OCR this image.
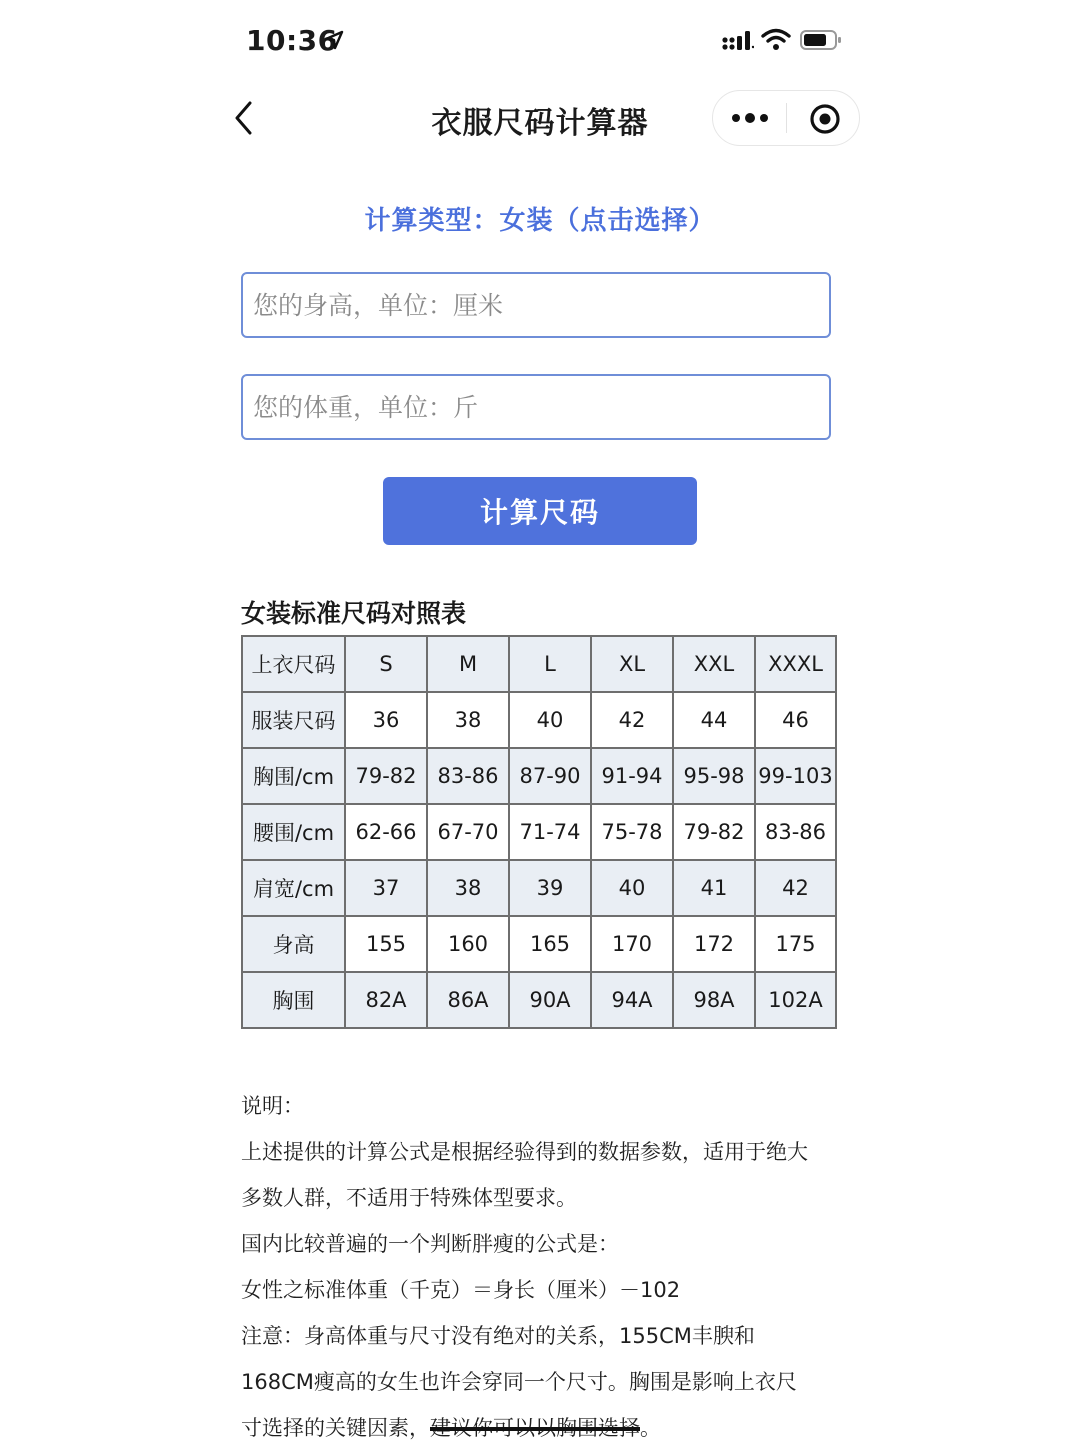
10:36
衣服尺码计算器
计算类型：女装（点击选择）
您的身高，单位：厘米
您的体重，单位：斤
计算尺码
女装标准尺码对照表
上衣尺码	S	M	L	XL	XXL	XXXL
服装尺码	36	38	40	42	44	46
胸围/cm	79-82	83-86	87-90	91-94	95-98	99-103
腰围/cm	62-66	67-70	71-74	75-78	79-82	83-86
肩宽/cm	37	38	39	40	41	42
身高	155	160	165	170	172	175
胸围	82A	86A	90A	94A	98A	102A

说明：

上述提供的计算公式是根据经验得到的数据参数，适用于绝大

多数人群，不适用于特殊体型要求。

国内比较普遍的一个判断胖瘦的公式是：

女性之标准体重（千克）＝身长（厘米）－102

注意：身高体重与尺寸没有绝对的关系，155CM丰腴和

168CM瘦高的女生也许会穿同一个尺寸。胸围是影响上衣尺

寸选择的关键因素，建议你可以以胸围选择。
